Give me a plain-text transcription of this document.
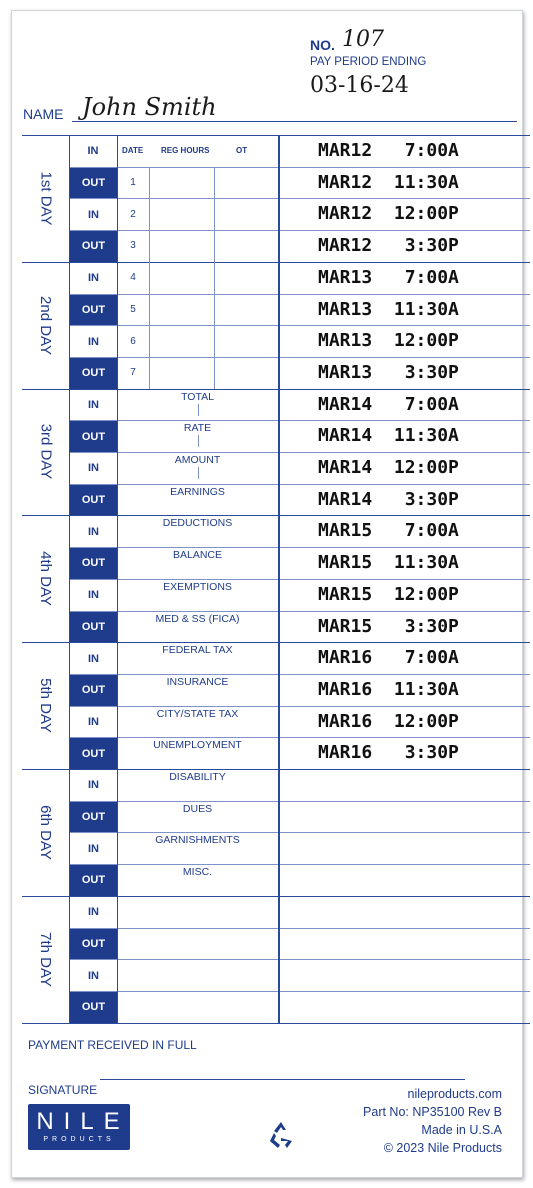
NO. 107
PAY PERIOD ENDING
03-16-24
NAME John Smith
IN	DATE REG HOURS	OT
OUT
IN
OUT
IN
OUT
IN
OUT
IN
OUT
IN
OUT
IN
OUT
IN
OUT
IN
OUT
IN
OUT
IN
OUT
IN
OUT
IN
OUT
IN
OUT
1st DAY
2nd DAY
3rd DAY
4th DAY
5th DAY
6th DAY
7th DAY
1
2
3
4
5
6
7
TOTAL
RATE
AMOUNT
EARNINGS
DEDUCTIONS
BALANCE
EXEMPTIONS
MED & SS (FICA)
FEDERAL TAX
INSURANCE
CITY/STATE TAX
UNEMPLOYMENT
DISABILITY
DUES
GARNISHMENTS
MISC.
MAR12   7:00A
MAR12  11:30A
MAR12  12:00P
MAR12   3:30P
MAR13   7:00A
MAR13  11:30A
MAR13  12:00P
MAR13   3:30P
MAR14   7:00A
MAR14  11:30A
MAR14  12:00P
MAR14   3:30P
MAR15   7:00A
MAR15  11:30A
MAR15  12:00P
MAR15   3:30P
MAR16   7:00A
MAR16  11:30A
MAR16  12:00P
MAR16   3:30P
PAYMENT RECEIVED IN FULL
SIGNATURE
NILE
PRODUCTS
nileproducts.com
Part No: NP35100 Rev B
Made in U.S.A
© 2023 Nile Products
